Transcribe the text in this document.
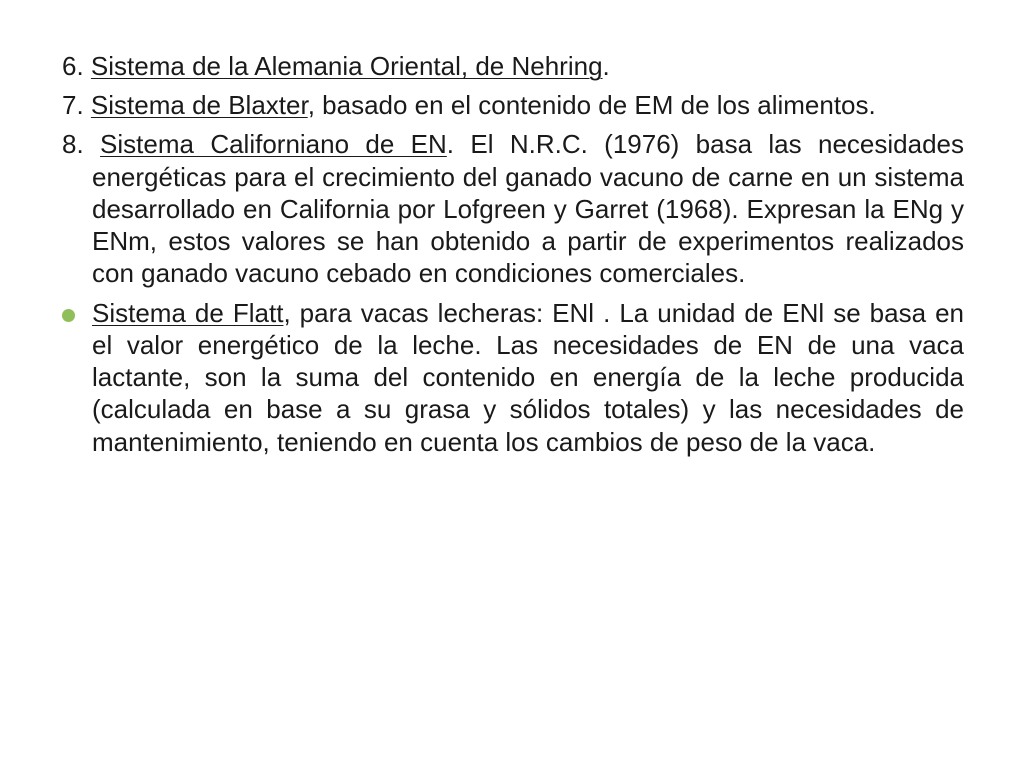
6. Sistema de la Alemania Oriental, de Nehring.

7. Sistema de Blaxter, basado en el contenido de EM de los alimentos.

8. Sistema Californiano de EN. El N.R.C. (1976) basa las necesidades energéticas para el crecimiento del ganado vacuno de carne en un sistema desarrollado en California por Lofgreen y Garret (1968). Expresan la ENg y ENm, estos valores se han obtenido a partir de experimentos realizados con ganado vacuno cebado en condiciones comerciales.

Sistema de Flatt, para vacas lecheras: ENl . La unidad de ENl se basa en el valor energético de la leche. Las necesidades de EN de una vaca lactante, son la suma del contenido en energía de la leche producida (calculada en base a su grasa y sólidos totales) y las necesidades de mantenimiento, teniendo en cuenta los cambios de peso de la vaca.
